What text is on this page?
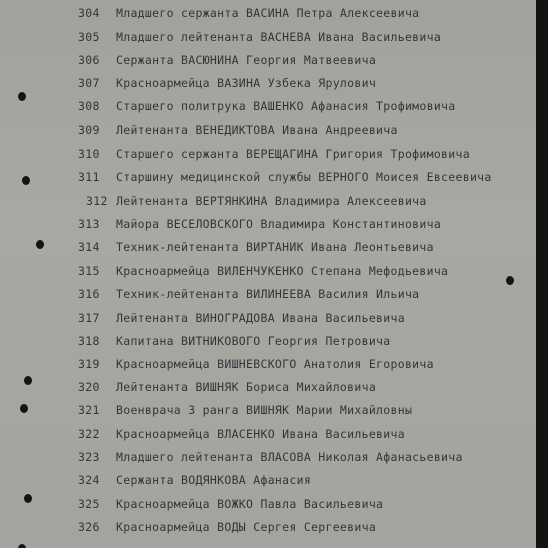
304	Младшего сержанта ВАСИНА Петра Алексеевича
305	Младшего лейтенанта ВАСНЕВА Ивана Васильевича
306	Сержанта ВАСЮНИНА Георгия Матвеевича
307	Красноармейца ВАЗИНА Узбека Ярулович
308	Старшего политрука ВАШЕНКО Афанасия Трофимовича
309	Лейтенанта ВЕНЕДИКТОВА Ивана Андреевича
310	Старшего сержанта ВЕРЕЩАГИНА Григория Трофимовича
311	Старшину медицинской службы ВЕРНОГО Моисея Евсеевича
312 Лейтенанта ВЕРТЯНКИНА Владимира Алексеевича
313	Майора ВЕСЕЛОВСКОГО Владимира Константиновича
314	Техник-лейтенанта ВИРТАНИК Ивана Леонтьевича
315	Красноармейца ВИЛЕНЧУКЕНКО Степана Мефодьевича
316	Техник-лейтенанта ВИЛИНЕЕВА Василия Ильича
317	Лейтенанта ВИНОГРАДОВА Ивана Васильевича
318	Капитана ВИТНИКОВОГО Георгия Петровича
319	Красноармейца ВИШНЕВСКОГО Анатолия Егоровича
320	Лейтенанта ВИШНЯК Бориса Михайловича
321	Военврача 3 ранга ВИШНЯК Марии Михайловны
322	Красноармейца ВЛАСЕНКО Ивана Васильевича
323	Младшего лейтенанта ВЛАСОВА Николая Афанасьевича
324	Сержанта ВОДЯНКОВА Афанасия
325	Красноармейца ВОЖКО Павла Васильевича
326	Красноармейца ВОДЫ Сергея Сергеевича
